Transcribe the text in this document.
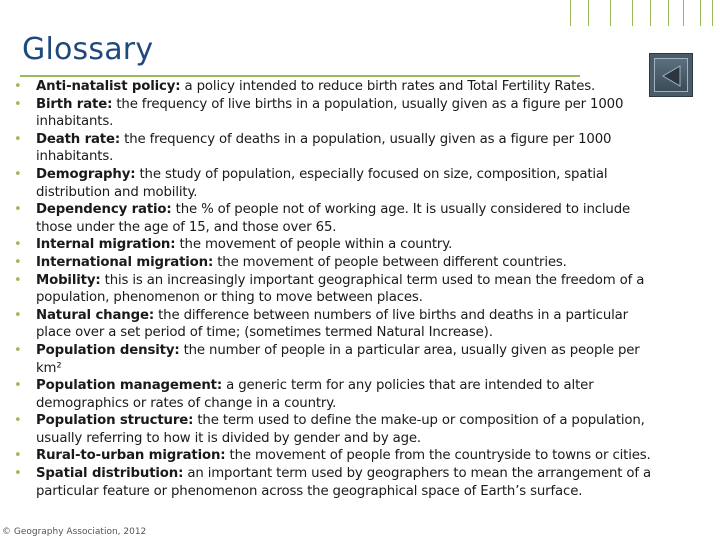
Glossary
• Anti-natalist policy: a policy intended to reduce birth rates and Total Fertility Rates.
• Birth rate: the frequency of live births in a population, usually given as a figure per 1000 inhabitants.
• Death rate: the frequency of deaths in a population, usually given as a figure per 1000 inhabitants.
• Demography: the study of population, especially focused on size, composition, spatial distribution and mobility.
• Dependency ratio: the % of people not of working age. It is usually considered to include those under the age of 15, and those over 65.
• Internal migration: the movement of people within a country.
• International migration: the movement of people between different countries.
• Mobility: this is an increasingly important geographical term used to mean the freedom of a population, phenomenon or thing to move between places.
• Natural change: the difference between numbers of live births and deaths in a particular place over a set period of time; (sometimes termed Natural Increase).
• Population density: the number of people in a particular area, usually given as people per km²
• Population management: a generic term for any policies that are intended to alter demographics or rates of change in a country.
• Population structure: the term used to define the make-up or composition of a population, usually referring to how it is divided by gender and by age.
• Rural-to-urban migration: the movement of people from the countryside to towns or cities.
• Spatial distribution: an important term used by geographers to mean the arrangement of a particular feature or phenomenon across the geographical space of Earth’s surface.
© Geography Association, 2012
